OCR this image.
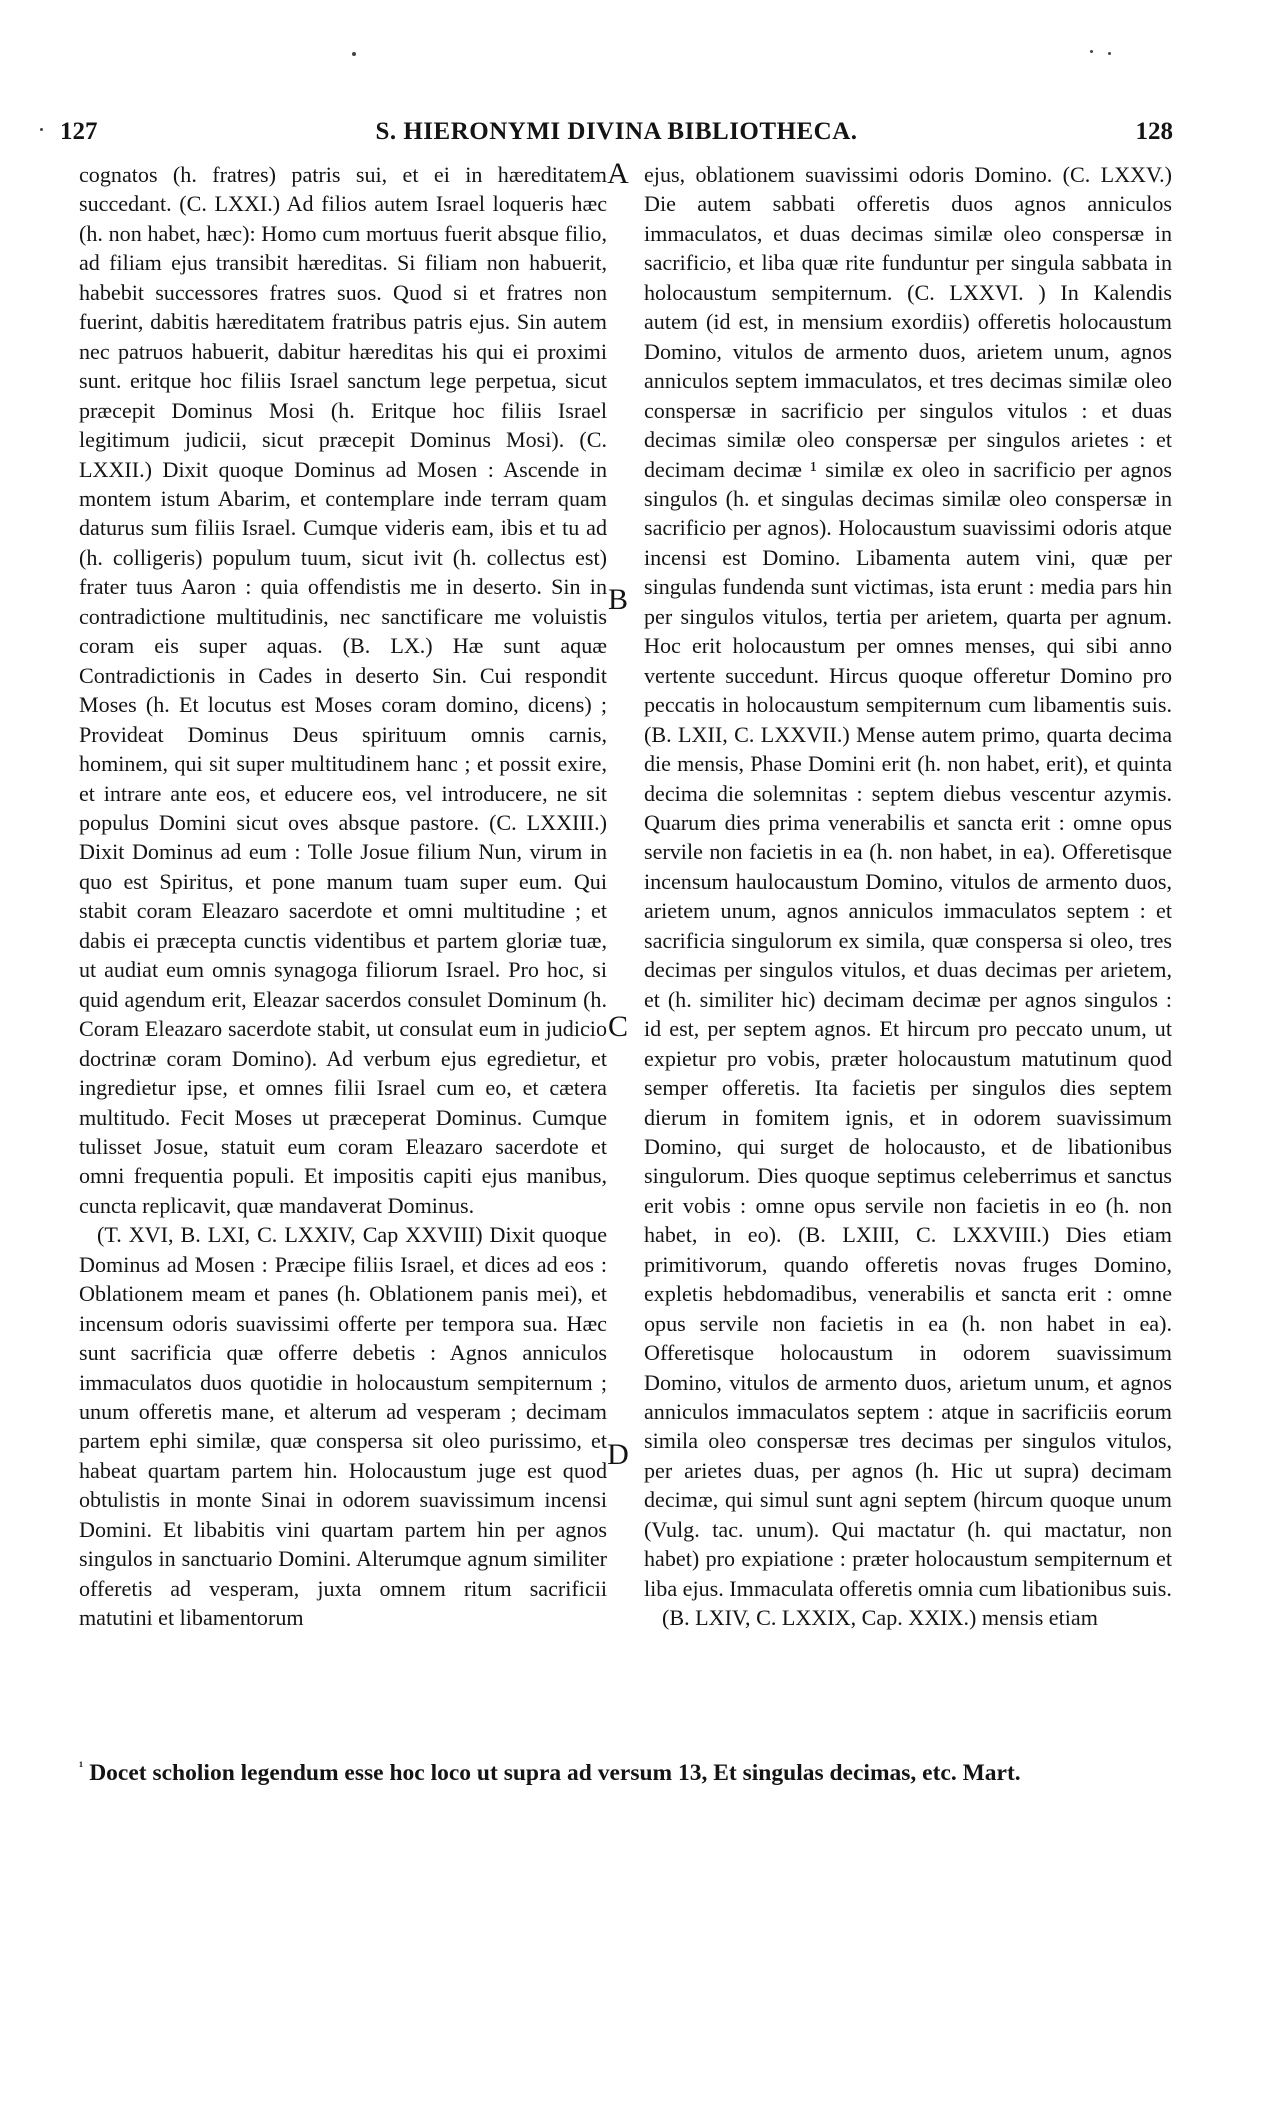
127	S. HIERONYMI DIVINA BIBLIOTHECA.	128

cognatos (h. fratres) patris sui, et ei in hæreditatem succedant. (C. LXXI.) Ad filios autem Israel loqueris hæc (h. non habet, hæc): Homo cum mortuus fuerit absque filio, ad filiam ejus transibit hæreditas. Si filiam non habuerit, habebit successores fratres suos. Quod si et fratres non fuerint, dabitis hæreditatem fratribus patris ejus. Sin autem nec patruos habuerit, dabitur hæreditas his qui ei proximi sunt. eritque hoc filiis Israel sanctum lege perpetua, sicut præcepit Dominus Mosi (h. Eritque hoc filiis Israel legitimum judicii, sicut præcepit Dominus Mosi). (C. LXXII.) Dixit quoque Dominus ad Mosen : Ascende in montem istum Abarim, et contemplare inde terram quam daturus sum filiis Israel. Cumque videris eam, ibis et tu ad (h. colligeris) populum tuum, sicut ivit (h. collectus est) frater tuus Aaron : quia offendistis me in deserto. Sin in contradictione multitudinis, nec sanctificare me voluistis coram eis super aquas. (B. LX.) Hæ sunt aquæ Contradictionis in Cades in deserto Sin. Cui respondit Moses (h. Et locutus est Moses coram domino, dicens) ; Provideat Dominus Deus spirituum omnis carnis, hominem, qui sit super multitudinem hanc ; et possit exire, et intrare ante eos, et educere eos, vel introducere, ne sit populus Domini sicut oves absque pastore. (C. LXXIII.) Dixit Dominus ad eum : Tolle Josue filium Nun, virum in quo est Spiritus, et pone manum tuam super eum. Qui stabit coram Eleazaro sacerdote et omni multitudine ; et dabis ei præcepta cunctis videntibus et partem gloriæ tuæ, ut audiat eum omnis synagoga filiorum Israel. Pro hoc, si quid agendum erit, Eleazar sacerdos consulet Dominum (h. Coram Eleazaro sacerdote stabit, ut consulat eum in judicio doctrinæ coram Domino). Ad verbum ejus egredietur, et ingredietur ipse, et omnes filii Israel cum eo, et cætera multitudo. Fecit Moses ut præceperat Dominus. Cumque tulisset Josue, statuit eum coram Eleazaro sacerdote et omni frequentia populi. Et impositis capiti ejus manibus, cuncta replicavit, quæ mandaverat Dominus.

(T. XVI, B. LXI, C. LXXIV, Cap XXVIII) Dixit quoque Dominus ad Mosen : Præcipe filiis Israel, et dices ad eos : Oblationem meam et panes (h. Oblationem panis mei), et incensum odoris suavissimi offerte per tempora sua. Hæc sunt sacrificia quæ offerre debetis : Agnos anniculos immaculatos duos quotidie in holocaustum sempiternum ; unum offeretis mane, et alterum ad vesperam ; decimam partem ephi similæ, quæ conspersa sit oleo purissimo, et habeat quartam partem hin. Holocaustum juge est quod obtulistis in monte Sinai in odorem suavissimum incensi Domini. Et libabitis vini quartam partem hin per agnos singulos in sanctuario Domini. Alterumque agnum similiter offeretis ad vesperam, juxta omnem ritum sacrificii matutini et libamentorum

ejus, oblationem suavissimi odoris Domino. (C. LXXV.) Die autem sabbati offeretis duos agnos anniculos immaculatos, et duas decimas similæ oleo conspersæ in sacrificio, et liba quæ rite funduntur per singula sabbata in holocaustum sempiternum. (C. LXXVI. ) In Kalendis autem (id est, in mensium exordiis) offeretis holocaustum Domino, vitulos de armento duos, arietem unum, agnos anniculos septem immaculatos, et tres decimas similæ oleo conspersæ in sacrificio per singulos vitulos : et duas decimas similæ oleo conspersæ per singulos arietes : et decimam decimæ ¹ similæ ex oleo in sacrificio per agnos singulos (h. et singulas decimas similæ oleo conspersæ in sacrificio per agnos). Holocaustum suavissimi odoris atque incensi est Domino. Libamenta autem vini, quæ per singulas fundenda sunt victimas, ista erunt : media pars hin per singulos vitulos, tertia per arietem, quarta per agnum. Hoc erit holocaustum per omnes menses, qui sibi anno vertente succedunt. Hircus quoque offeretur Domino pro peccatis in holocaustum sempiternum cum libamentis suis. (B. LXII, C. LXXVII.) Mense autem primo, quarta decima die mensis, Phase Domini erit (h. non habet, erit), et quinta decima die solemnitas : septem diebus vescentur azymis. Quarum dies prima venerabilis et sancta erit : omne opus servile non facietis in ea (h. non habet, in ea). Offeretisque incensum haulocaustum Domino, vitulos de armento duos, arietem unum, agnos anniculos immaculatos septem : et sacrificia singulorum ex simila, quæ conspersa si oleo, tres decimas per singulos vitulos, et duas decimas per arietem, et (h. similiter hic) decimam decimæ per agnos singulos : id est, per septem agnos. Et hircum pro peccato unum, ut expietur pro vobis, præter holocaustum matutinum quod semper offeretis. Ita facietis per singulos dies septem dierum in fomitem ignis, et in odorem suavissimum Domino, qui surget de holocausto, et de libationibus singulorum. Dies quoque septimus celeberrimus et sanctus erit vobis : omne opus servile non facietis in eo (h. non habet, in eo). (B. LXIII, C. LXXVIII.) Dies etiam primitivorum, quando offeretis novas fruges Domino, expletis hebdomadibus, venerabilis et sancta erit : omne opus servile non facietis in ea (h. non habet in ea). Offeretisque holocaustum in odorem suavissimum Domino, vitulos de armento duos, arietum unum, et agnos anniculos immaculatos septem : atque in sacrificiis eorum simila oleo conspersæ tres decimas per singulos vitulos, per arietes duas, per agnos (h. Hic ut supra) decimam decimæ, qui simul sunt agni septem (hircum quoque unum (Vulg. tac. unum). Qui mactatur (h. qui mactatur, non habet) pro expiatione : præter holocaustum sempiternum et liba ejus. Immaculata offeretis omnia cum libationibus suis.

(B. LXIV, C. LXXIX, Cap. XXIX.) mensis etiam

A
B
C
D
$^{^1}$ Docet scholion legendum esse hoc loco ut supra ad versum 13, Et singulas decimas, etc. Mart.
